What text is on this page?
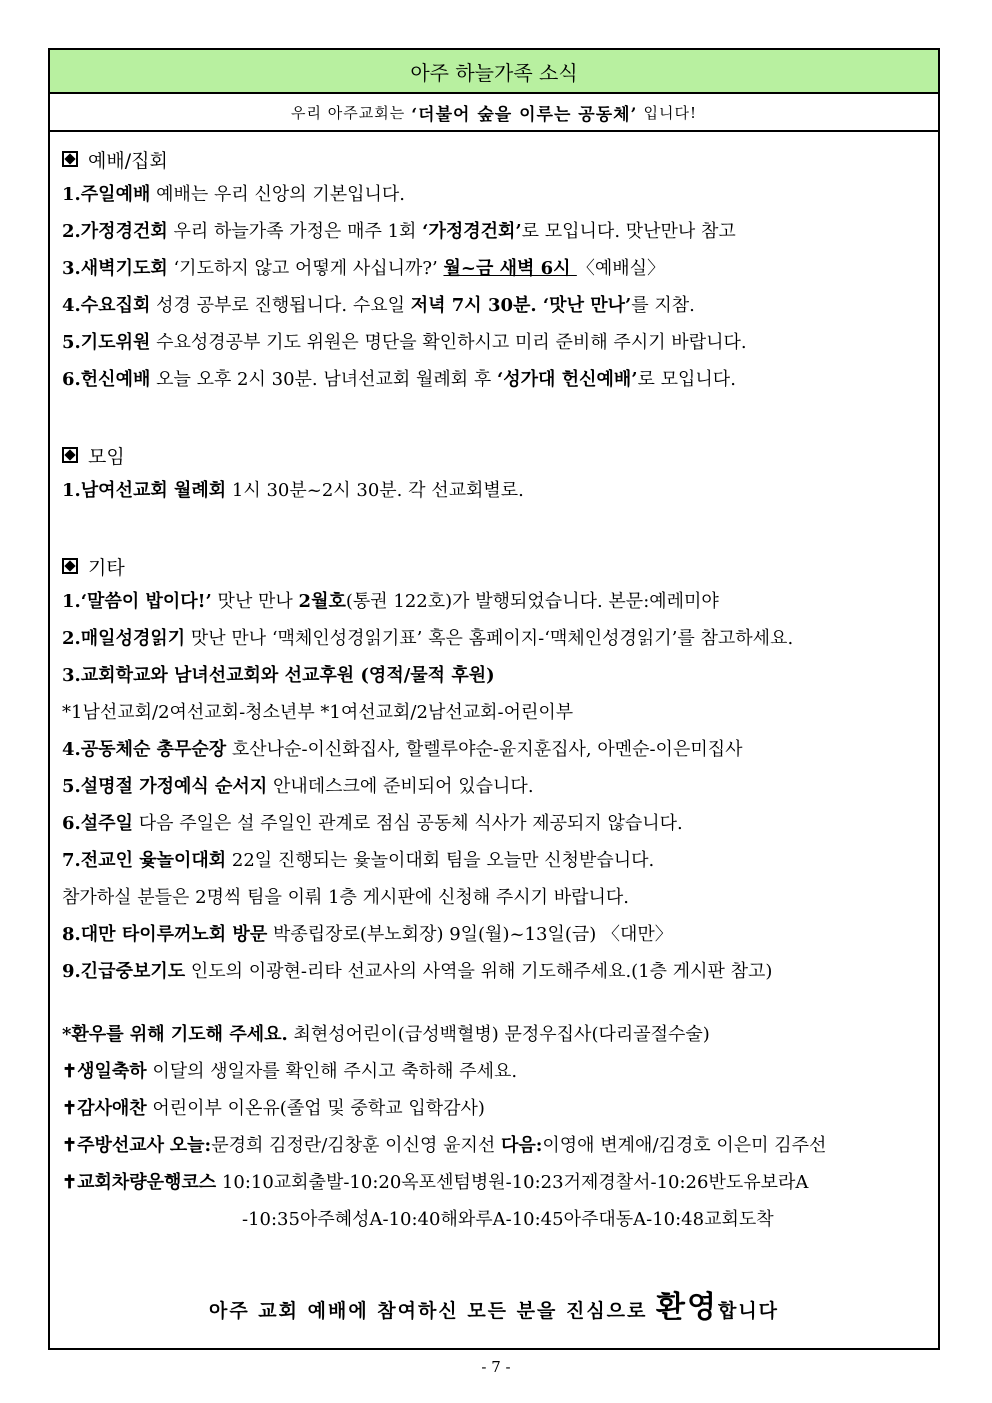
아주 하늘가족 소식
우리 아주교회는 ‘더불어 숲을 이루는 공동체’ 입니다!
예배/집회
1.주일예배 예배는 우리 신앙의 기본입니다.
2.가정경건회 우리 하늘가족 가정은 매주 1회 ‘가정경건회’로 모입니다. 맛난만나 참고
3.새벽기도회 ‘기도하지 않고 어떻게 사십니까?’ 월~금 새벽 6시 〈예배실〉
4.수요집회 성경 공부로 진행됩니다. 수요일 저녁 7시 30분. ‘맛난 만나’를 지참.
5.기도위원 수요성경공부 기도 위원은 명단을 확인하시고 미리 준비해 주시기 바랍니다.
6.헌신예배 오늘 오후 2시 30분. 남녀선교회 월례회 후 ‘성가대 헌신예배’로 모입니다.
모임
1.남여선교회 월례회 1시 30분~2시 30분. 각 선교회별로.
기타
1.‘말씀이 밥이다!’ 맛난 만나 2월호(통권 122호)가 발행되었습니다. 본문:예레미야
2.매일성경읽기 맛난 만나 ‘맥체인성경읽기표’ 혹은 홈페이지-‘맥체인성경읽기’를 참고하세요.
3.교회학교와 남녀선교회와 선교후원 (영적/물적 후원)
*1남선교회/2여선교회-청소년부 *1여선교회/2남선교회-어린이부
4.공동체순 총무순장 호산나순-이신화집사, 할렐루야순-윤지훈집사, 아멘순-이은미집사
5.설명절 가정예식 순서지 안내데스크에 준비되어 있습니다.
6.설주일 다음 주일은 설 주일인 관계로 점심 공동체 식사가 제공되지 않습니다.
7.전교인 윷놀이대회 22일 진행되는 윷놀이대회 팀을 오늘만 신청받습니다.
참가하실 분들은 2명씩 팀을 이뤄 1층 게시판에 신청해 주시기 바랍니다.
8.대만 타이루꺼노회 방문 박종립장로(부노회장) 9일(월)~13일(금) 〈대만〉
9.긴급중보기도 인도의 이광현-리타 선교사의 사역을 위해 기도해주세요.(1층 게시판 참고)
*환우를 위해 기도해 주세요. 최현성어린이(급성백혈병) 문정우집사(다리골절수술)
✝생일축하 이달의 생일자를 확인해 주시고 축하해 주세요.
✝감사애찬 어린이부 이온유(졸업 및 중학교 입학감사)
✝주방선교사 오늘:문경희 김정란/김창훈 이신영 윤지선 다음:이영애 변계애/김경호 이은미 김주선
✝교회차량운행코스 10:10교회출발-10:20옥포센텀병원-10:23거제경찰서-10:26반도유보라A
-10:35아주혜성A-10:40해와루A-10:45아주대동A-10:48교회도착
아주 교회 예배에 참여하신 모든 분을 진심으로 환영합니다
- 7 -
